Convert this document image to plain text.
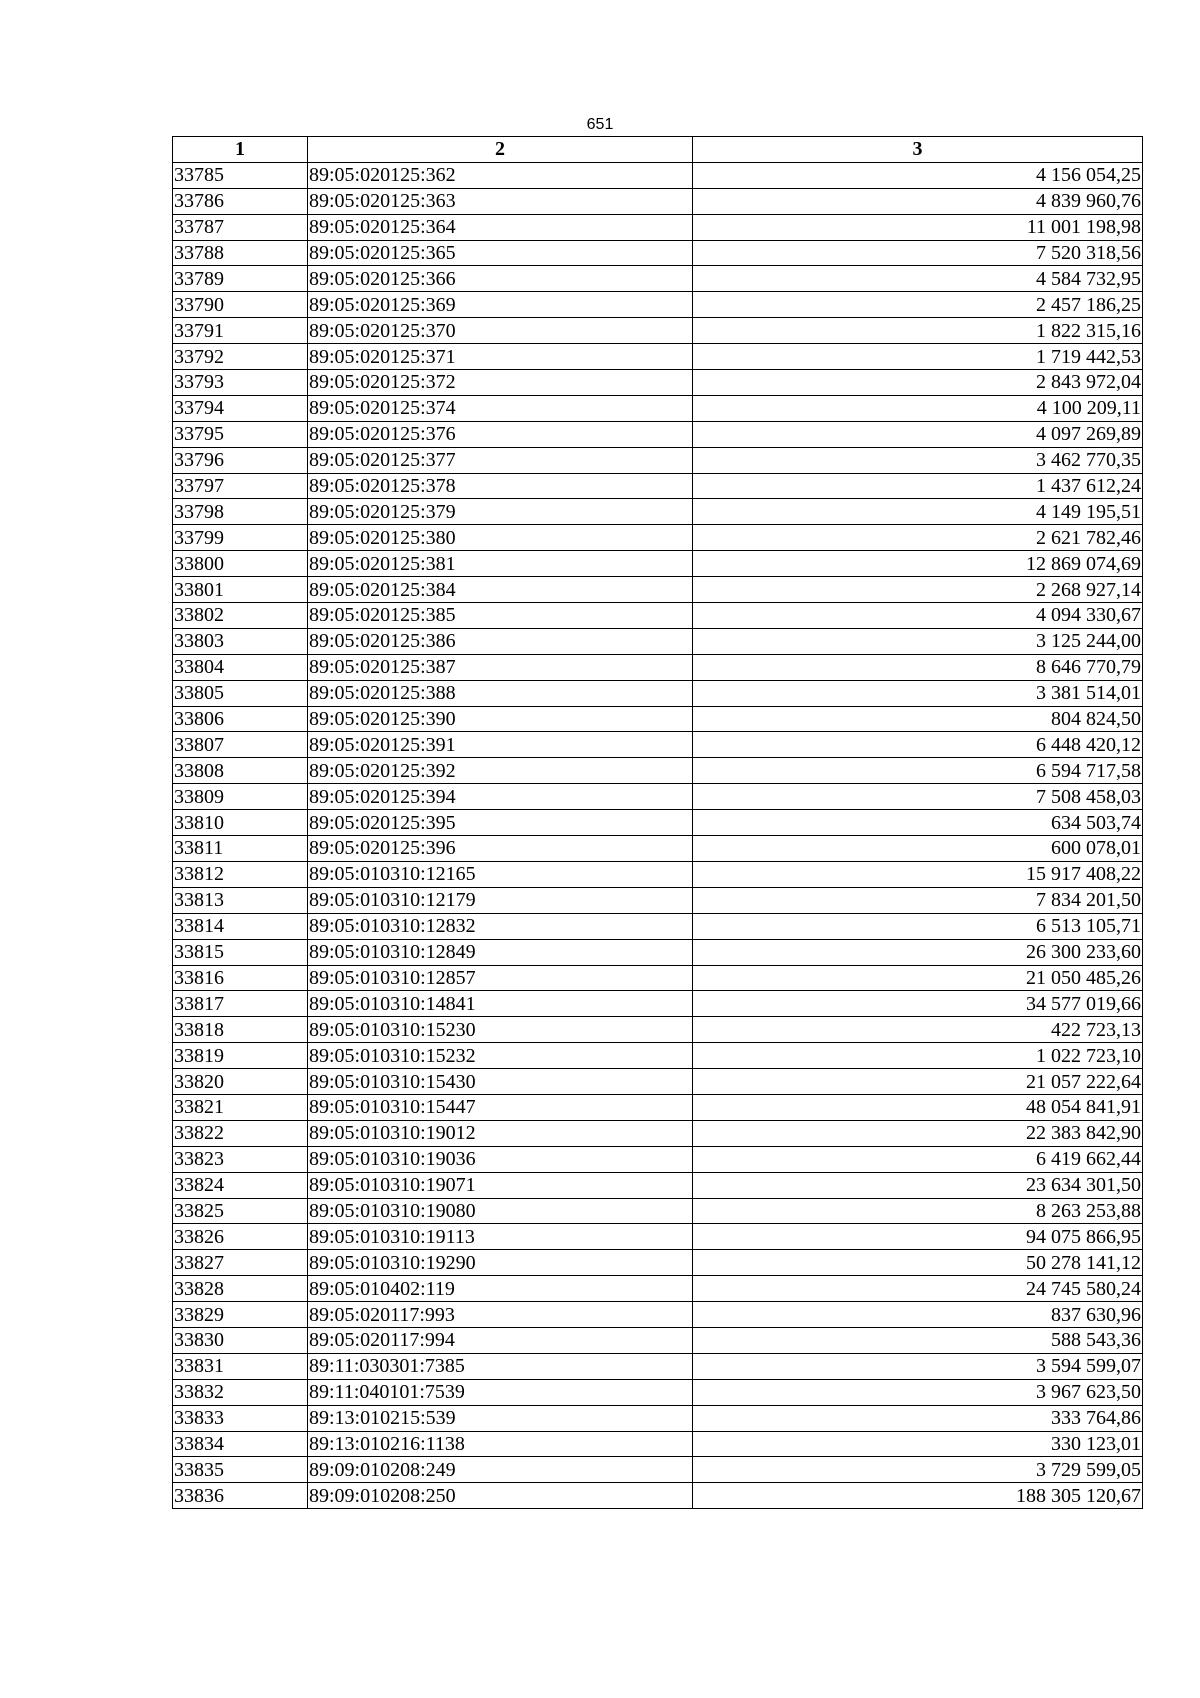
651
1	2	3
33785	89:05:020125:362	4 156 054,25
33786	89:05:020125:363	4 839 960,76
33787	89:05:020125:364	11 001 198,98
33788	89:05:020125:365	7 520 318,56
33789	89:05:020125:366	4 584 732,95
33790	89:05:020125:369	2 457 186,25
33791	89:05:020125:370	1 822 315,16
33792	89:05:020125:371	1 719 442,53
33793	89:05:020125:372	2 843 972,04
33794	89:05:020125:374	4 100 209,11
33795	89:05:020125:376	4 097 269,89
33796	89:05:020125:377	3 462 770,35
33797	89:05:020125:378	1 437 612,24
33798	89:05:020125:379	4 149 195,51
33799	89:05:020125:380	2 621 782,46
33800	89:05:020125:381	12 869 074,69
33801	89:05:020125:384	2 268 927,14
33802	89:05:020125:385	4 094 330,67
33803	89:05:020125:386	3 125 244,00
33804	89:05:020125:387	8 646 770,79
33805	89:05:020125:388	3 381 514,01
33806	89:05:020125:390	804 824,50
33807	89:05:020125:391	6 448 420,12
33808	89:05:020125:392	6 594 717,58
33809	89:05:020125:394	7 508 458,03
33810	89:05:020125:395	634 503,74
33811	89:05:020125:396	600 078,01
33812	89:05:010310:12165	15 917 408,22
33813	89:05:010310:12179	7 834 201,50
33814	89:05:010310:12832	6 513 105,71
33815	89:05:010310:12849	26 300 233,60
33816	89:05:010310:12857	21 050 485,26
33817	89:05:010310:14841	34 577 019,66
33818	89:05:010310:15230	422 723,13
33819	89:05:010310:15232	1 022 723,10
33820	89:05:010310:15430	21 057 222,64
33821	89:05:010310:15447	48 054 841,91
33822	89:05:010310:19012	22 383 842,90
33823	89:05:010310:19036	6 419 662,44
33824	89:05:010310:19071	23 634 301,50
33825	89:05:010310:19080	8 263 253,88
33826	89:05:010310:19113	94 075 866,95
33827	89:05:010310:19290	50 278 141,12
33828	89:05:010402:119	24 745 580,24
33829	89:05:020117:993	837 630,96
33830	89:05:020117:994	588 543,36
33831	89:11:030301:7385	3 594 599,07
33832	89:11:040101:7539	3 967 623,50
33833	89:13:010215:539	333 764,86
33834	89:13:010216:1138	330 123,01
33835	89:09:010208:249	3 729 599,05
33836	89:09:010208:250	188 305 120,67
